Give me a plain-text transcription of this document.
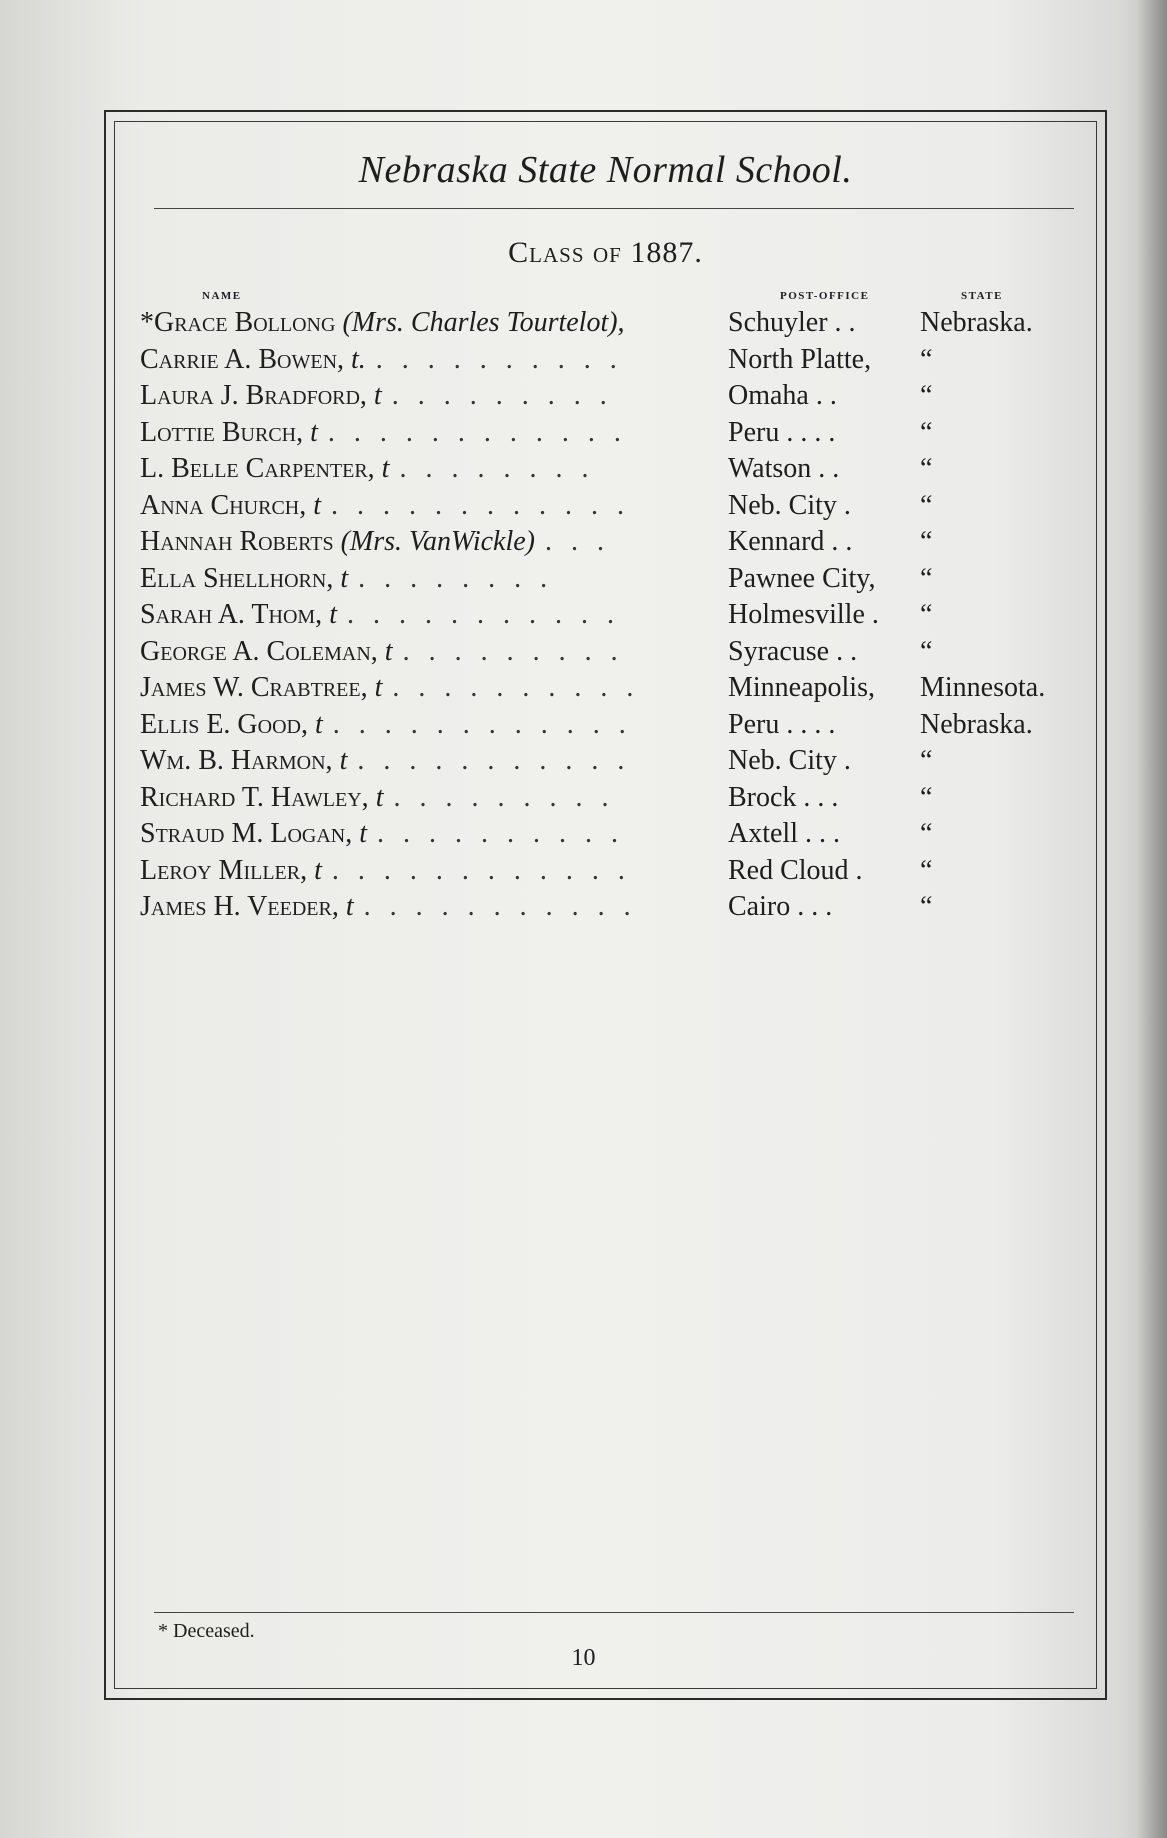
Nebraska State Normal School.
Class of 1887.
NAME	POST-OFFICE	STATE
*Grace Bollong (Mrs. Charles Tourtelot),	Schuyler . . Nebraska.
Carrie A. Bowen, t. . . . . . . . . . .	North Platte, “
Laura J. Bradford, t . . . . . . . . .	Omaha . .	“
Lottie Burch, t . . . . . . . . . . . .	Peru . . . .	“
L. Belle Carpenter, t . . . . . . . .	Watson . .	“
Anna Church, t . . . . . . . . . . . .	Neb. City . “
Hannah Roberts (Mrs. VanWickle) . . .	Kennard . . “
Ella Shellhorn, t . . . . . . . .	Pawnee City, “
Sarah A. Thom, t . . . . . . . . . . .	Holmesville . “
George A. Coleman, t . . . . . . . . .	Syracuse . . “
James W. Crabtree, t . . . . . . . . . .	Minneapolis, Minnesota.
Ellis E. Good, t . . . . . . . . . . . .	Peru . . . .	Nebraska.
Wm. B. Harmon, t . . . . . . . . . . .	Neb. City . “
Richard T. Hawley, t . . . . . . . . .	Brock . . .	“
Straud M. Logan, t . . . . . . . . . .	Axtell . . .	“
Leroy Miller, t . . . . . . . . . . . .	Red Cloud . “
James H. Veeder, t . . . . . . . . . . .	Cairo . . .	“
* Deceased.
10
